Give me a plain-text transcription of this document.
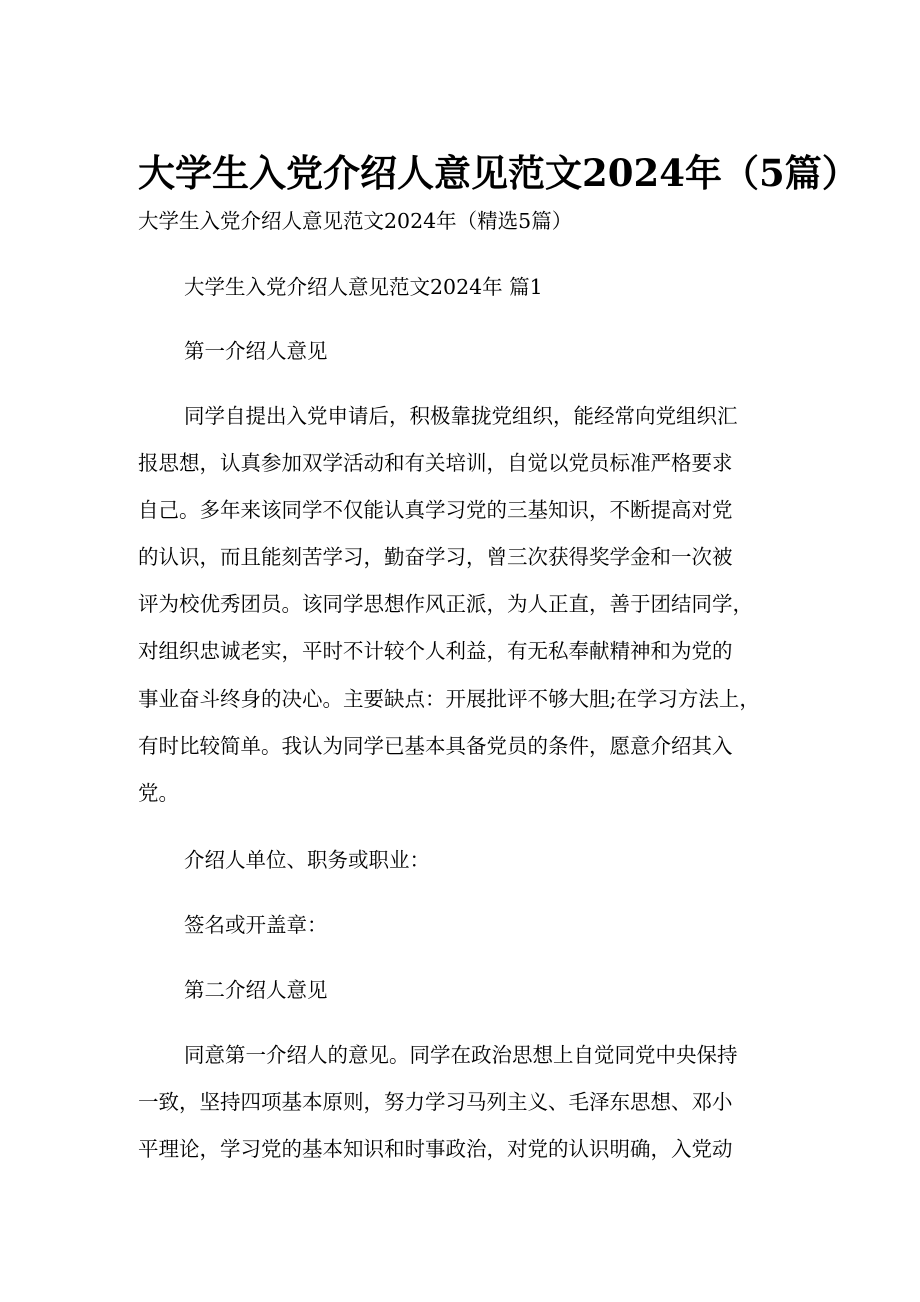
大学生入党介绍人意见范文2024年（5篇）
大学生入党介绍人意见范文2024年（精选5篇）
大学生入党介绍人意见范文2024年 篇1
第一介绍人意见
同学自提出入党申请后，积极靠拢党组织，能经常向党组织汇
报思想，认真参加双学活动和有关培训，自觉以党员标准严格要求
自己。多年来该同学不仅能认真学习党的三基知识，不断提高对党
的认识，而且能刻苦学习，勤奋学习，曾三次获得奖学金和一次被
评为校优秀团员。该同学思想作风正派，为人正直，善于团结同学，
对组织忠诚老实，平时不计较个人利益，有无私奉献精神和为党的
事业奋斗终身的决心。主要缺点：开展批评不够大胆;在学习方法上，
有时比较简单。我认为同学已基本具备党员的条件，愿意介绍其入
党。
介绍人单位、职务或职业：
签名或开盖章：
第二介绍人意见
同意第一介绍人的意见。同学在政治思想上自觉同党中央保持
一致，坚持四项基本原则，努力学习马列主义、毛泽东思想、邓小
平理论，学习党的基本知识和时事政治，对党的认识明确，入党动
